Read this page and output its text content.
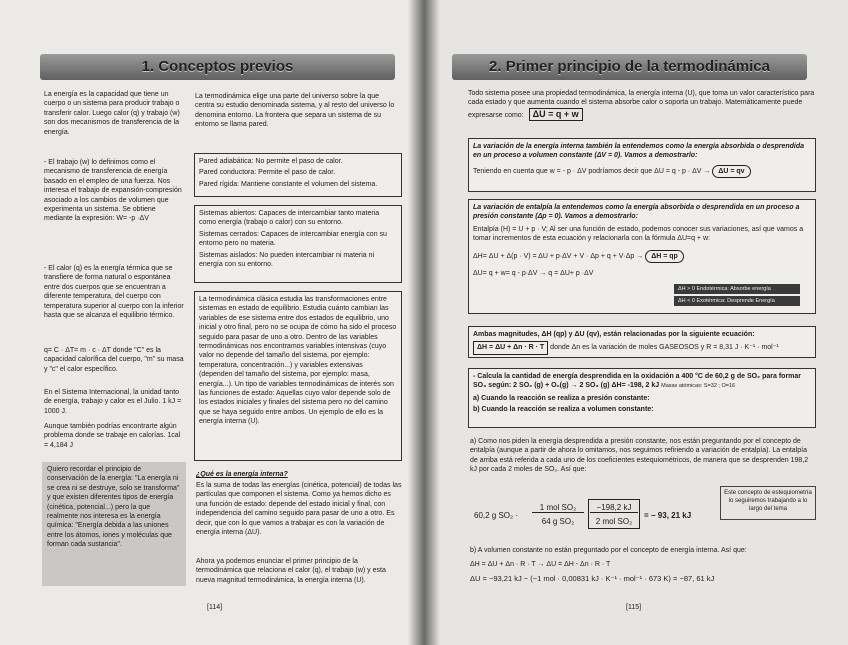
1. Conceptos previos
La energía es la capacidad que tiene un cuerpo o un sistema para producir trabajo o transferir calor. Luego calor (q) y trabajo (w) son dos mecanismos de transferencia de la energía.
- El trabajo (w) lo definimos como el mecanismo de transferencia de energía basado en el empleo de una fuerza. Nos interesa el trabajo de expansión-compresión asociado a los cambios de volumen que experimenta un sistema. Se obtiene mediante la expresión: W= -p ·ΔV
- El calor (q) es la energía térmica que se transfiere de forma natural o espontánea entre dos cuerpos que se encuentran a diferente temperatura, del cuerpo con temperatura superior al cuerpo con la inferior hasta que se alcanza el equilibrio térmico.
q= C · ΔT= m · c · ΔT donde "C" es la capacidad calorífica del cuerpo, "m" su masa y "c" el calor específico.
En el Sistema Internacional, la unidad tanto de energía, trabajo y calor es el Julio. 1 kJ = 1000 J.
Aunque también podrías encontrarte algún problema donde se trabaje en calorías. 1cal = 4,184 J
Quiero recordar el principio de conservación de la energía: "La energía ni se crea ni se destruye, solo se transforma" y que existen diferentes tipos de energía (cinética, potencial...) pero la que realmente nos interesa es la energía química: "Energía debida a las uniones entre los átomos, iones y moléculas que forman cada sustancia".
La termodinámica elige una parte del universo sobre la que centra su estudio denominada sistema, y al resto del universo lo denomina entorno. La frontera que separa un sistema de su entorno se llama pared.

Pared adiabática: No permite el paso de calor.

Pared conductora: Permite el paso de calor.

Pared rígida: Mantiene constante el volumen del sistema.

Sistemas abiertos: Capaces de intercambiar tanto materia como energía (trabajo o calor) con su entorno.

Sistemas cerrados: Capaces de intercambiar energía con su entorno pero no materia.

Sistemas aislados: No pueden intercambiar ni materia ni energía con su entorno.

La termodinámica clásica estudia las transformaciones entre sistemas en estado de equilibrio. Estudia cuánto cambian las variables de ese sistema entre dos estados de equilibrio, uno inicial y otro final, pero no se ocupa de cómo ha sido el proceso seguido para pasar de uno a otro. Dentro de las variables termodinámicas nos encontramos variables intensivas (cuyo valor no depende del tamaño del sistema, por ejemplo: temperatura, concentración...) y variables extensivas (dependen del tamaño del sistema, por ejemplo: masa, energía...). Un tipo de variables termodinámicas de interés son las funciones de estado: Aquellas cuyo valor depende solo de los estados iniciales y finales del sistema pero no del camino que se haya seguido entre ambos. Un ejemplo de ello es la energía interna (U).
¿Qué es la energía interna?
Es la suma de todas las energías (cinética, potencial) de todas las partículas que componen el sistema. Como ya hemos dicho es una función de estado: depende del estado inicial y final, con independencia del camino seguido para pasar de uno a otro. Es decir, que con lo que vamos a trabajar es con la variación de energía interna (ΔU).
Ahora ya podemos enunciar el primer principio de la termodinámica que relaciona el calor (q), el trabajo (w) y esta nueva magnitud termodinámica, la energía interna (U).
[114]
2. Primer principio de la termodinámica
Todo sistema posee una propiedad termodinámica, la energía interna (U), que toma un valor característico para cada estado y que aumenta cuando el sistema absorbe calor o soporta un trabajo. Matemáticamente puede expresarse como: ΔU = q + w

La variación de la energía interna también la entendemos como la energía absorbida o desprendida en un proceso a volumen constante (ΔV = 0). Vamos a demostrarlo:

Teniendo en cuenta que w = - p · ΔV podríamos decir que ΔU = q - p · ΔV → ΔU = qv

La variación de entalpía la entendemos como la energía absorbida o desprendida en un proceso a presión constante (Δp = 0). Vamos a demostrarlo:

Entalpía (H) = U + p · V; Al ser una función de estado, podemos conocer sus variaciones, así que vamos a tomar incrementos de esta ecuación y relacionarla con la fórmula ΔU=q + w:

ΔH= ΔU + Δ(p · V) = ΔU + p·ΔV + V · Δp + q + V·Δp → ΔH = qp

ΔU= q + w= q - p·ΔV → q = ΔU+ p ·ΔV

ΔH > 0 Endotérmica: Absorbe energía
ΔH < 0 Exotérmica: Desprende Energía

Ambas magnitudes, ΔH (qp) y ΔU (qv), están relacionadas por la siguiente ecuación:

ΔH = ΔU + Δn · R · T donde Δn es la variación de moles GASEOSOS y R = 8,31 J · K⁻¹ · mol⁻¹

- Calcula la cantidad de energía desprendida en la oxidación a 400 °C de 60,2 g de SO₂ para formar SO₃ según: 2 SO₂ (g) + O₂(g) → 2 SO₃ (g) ΔH= -198, 2 kJ Masas atómicas: S=32 ; O=16

a) Cuando la reacción se realiza a presión constante:

b) Cuando la reacción se realiza a volumen constante:

a) Como nos piden la energía desprendida a presión constante, nos están preguntando por el concepto de entalpía (aunque a partir de ahora lo omitamos, nos seguimos refiriendo a variación de entalpía). La entalpía de arriba está referida a cada uno de los coeficientes estequiométricos, de manera que se desprenden 198,2 kJ por cada 2 moles de SO₂. Así que:
60,2 g SO₂ ·
1 mol SO₂
64 g SO₂
−198,2 kJ
2 mol SO₂
= − 93, 21 kJ
Este concepto de estequiometría lo seguiremos trabajando a lo largo del tema
b) A volumen constante no están preguntado por el concepto de energía interna. Así que:
ΔH = ΔU + Δn · R · T → ΔU = ΔH - Δn · R · T
ΔU = −93,21 kJ − (−1 mol · 0,00831 kJ · K⁻¹ · mol⁻¹ · 673 K) = −87, 61 kJ
[115]
